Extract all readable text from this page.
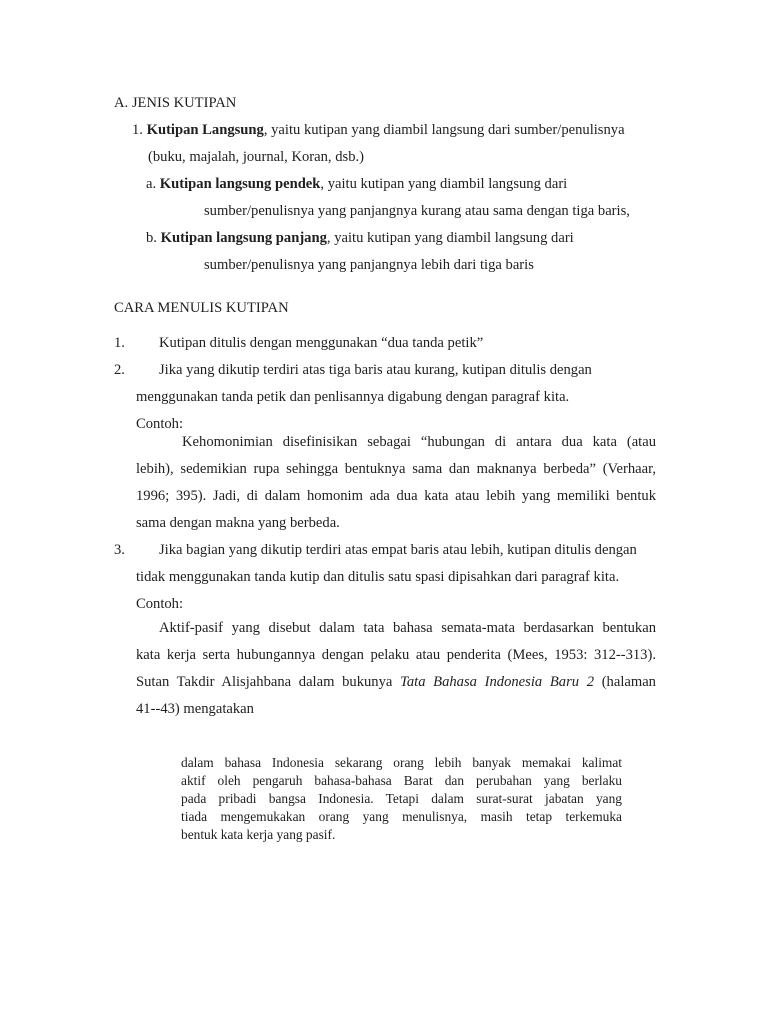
A. JENIS KUTIPAN
1. Kutipan Langsung, yaitu kutipan yang diambil langsung dari sumber/penulisnya
(buku, majalah, journal, Koran, dsb.)
a. Kutipan langsung pendek, yaitu kutipan yang diambil langsung dari
sumber/penulisnya yang panjangnya kurang atau sama dengan tiga baris,
b. Kutipan langsung panjang, yaitu kutipan yang diambil langsung dari
sumber/penulisnya yang panjangnya lebih dari tiga baris
CARA MENULIS KUTIPAN
1. Kutipan ditulis dengan menggunakan “dua tanda petik”
2. Jika yang dikutip terdiri atas tiga baris atau kurang, kutipan ditulis dengan
menggunakan tanda petik dan penlisannya digabung dengan paragraf kita.
Contoh:
Kehomonimian disefinisikan sebagai “hubungan di antara dua kata (atau
lebih), sedemikian rupa sehingga bentuknya sama dan maknanya berbeda” (Verhaar,
1996; 395). Jadi, di dalam homonim ada dua kata atau lebih yang memiliki bentuk
sama dengan makna yang berbeda.
3. Jika bagian yang dikutip terdiri atas empat baris atau lebih, kutipan ditulis dengan
tidak menggunakan tanda kutip dan ditulis satu spasi dipisahkan dari paragraf kita.
Contoh:
Aktif-pasif yang disebut dalam tata bahasa semata-mata berdasarkan bentukan
kata kerja serta hubungannya dengan pelaku atau penderita (Mees, 1953: 312--313).
Sutan Takdir Alisjahbana dalam bukunya Tata Bahasa Indonesia Baru 2 (halaman
41--43) mengatakan
dalam bahasa Indonesia sekarang orang lebih banyak memakai kalimat
aktif oleh pengaruh bahasa-bahasa Barat dan perubahan yang berlaku
pada pribadi bangsa Indonesia. Tetapi dalam surat-surat jabatan yang
tiada mengemukakan orang yang menulisnya, masih tetap terkemuka
bentuk kata kerja yang pasif.
